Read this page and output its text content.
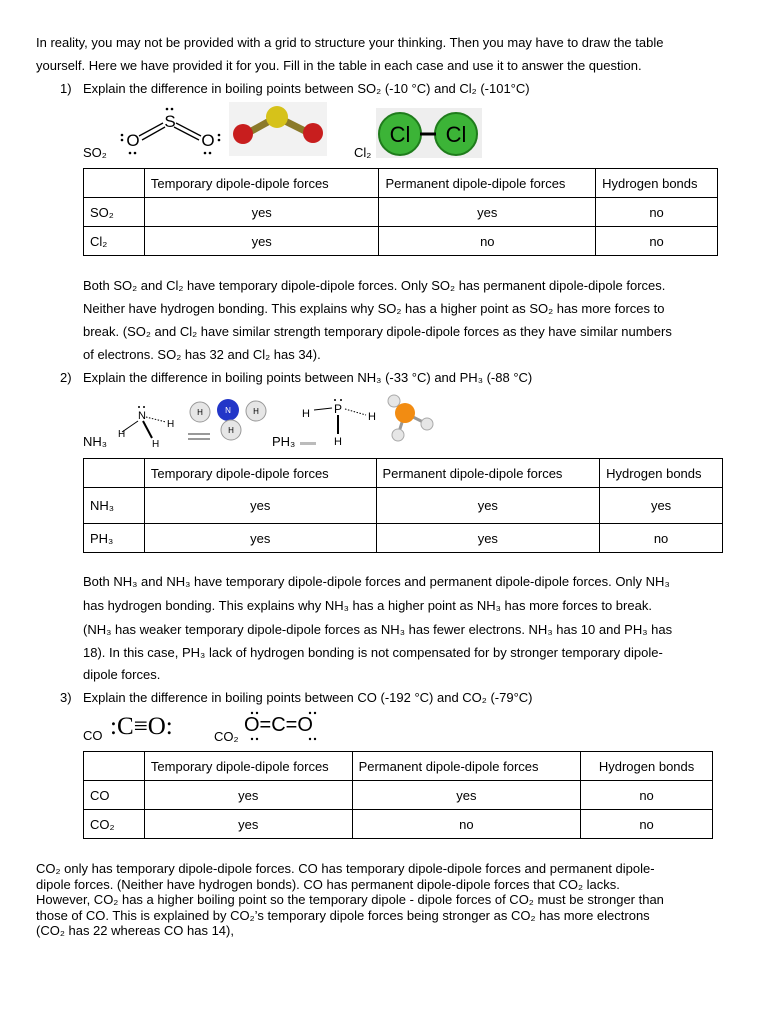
In reality, you may not be provided with a grid to structure your thinking. Then you may have to draw the table
yourself. Here we have provided it for you. Fill in the table in each case and use it to answer the question.
1) Explain the difference in boiling points between SO₂ (-10 °C) and Cl₂ (-101°C)
SO₂
S
O	O
Cl₂
Cl Cl
	Temporary dipole-dipole forces	Permanent dipole-dipole forces	Hydrogen bonds
SO₂	yes	yes	no
Cl₂	yes	no	no
Both SO₂ and Cl₂ have temporary dipole-dipole forces. Only SO₂ has permanent dipole-dipole forces.
Neither have hydrogen bonding. This explains why SO₂ has a higher point as SO₂ has more forces to
break. (SO₂ and Cl₂ have similar strength temporary dipole-dipole forces as they have similar numbers
of electrons. SO₂ has 32 and Cl₂ has 34).
2) Explain the difference in boiling points between NH₃ (-33 °C) and PH₃ (-88 °C)
NH₃
N
H
H
H
N
H	H
H
PH₃
P
H
H
H
	Temporary dipole-dipole forces	Permanent dipole-dipole forces	Hydrogen bonds
NH₃	yes	yes	yes
PH₃	yes	yes	no
Both NH₃ and NH₃ have temporary dipole-dipole forces and permanent dipole-dipole forces. Only NH₃
has hydrogen bonding. This explains why NH₃ has a higher point as NH₃ has more forces to break.
(NH₃ has weaker temporary dipole-dipole forces as NH₃ has fewer electrons. NH₃ has 10 and PH₃ has
18). In this case, PH₃ lack of hydrogen bonding is not compensated for by stronger temporary dipole-
dipole forces.
3) Explain the difference in boiling points between CO (-192 °C) and CO₂ (-79°C)
CO :C≡O:	CO₂
O=C=O
	Temporary dipole-dipole forces	Permanent dipole-dipole forces	Hydrogen bonds
CO	yes	yes	no
CO₂	yes	no	no
CO₂ only has temporary dipole-dipole forces. CO has temporary dipole-dipole forces and permanent dipole-
dipole forces. (Neither have hydrogen bonds). CO has permanent dipole-dipole forces that CO₂ lacks.
However, CO₂ has a higher boiling point so the temporary dipole - dipole forces of CO₂ must be stronger than
those of CO. This is explained by CO₂’s temporary dipole forces being stronger as CO₂ has more electrons
(CO₂ has 22 whereas CO has 14),
